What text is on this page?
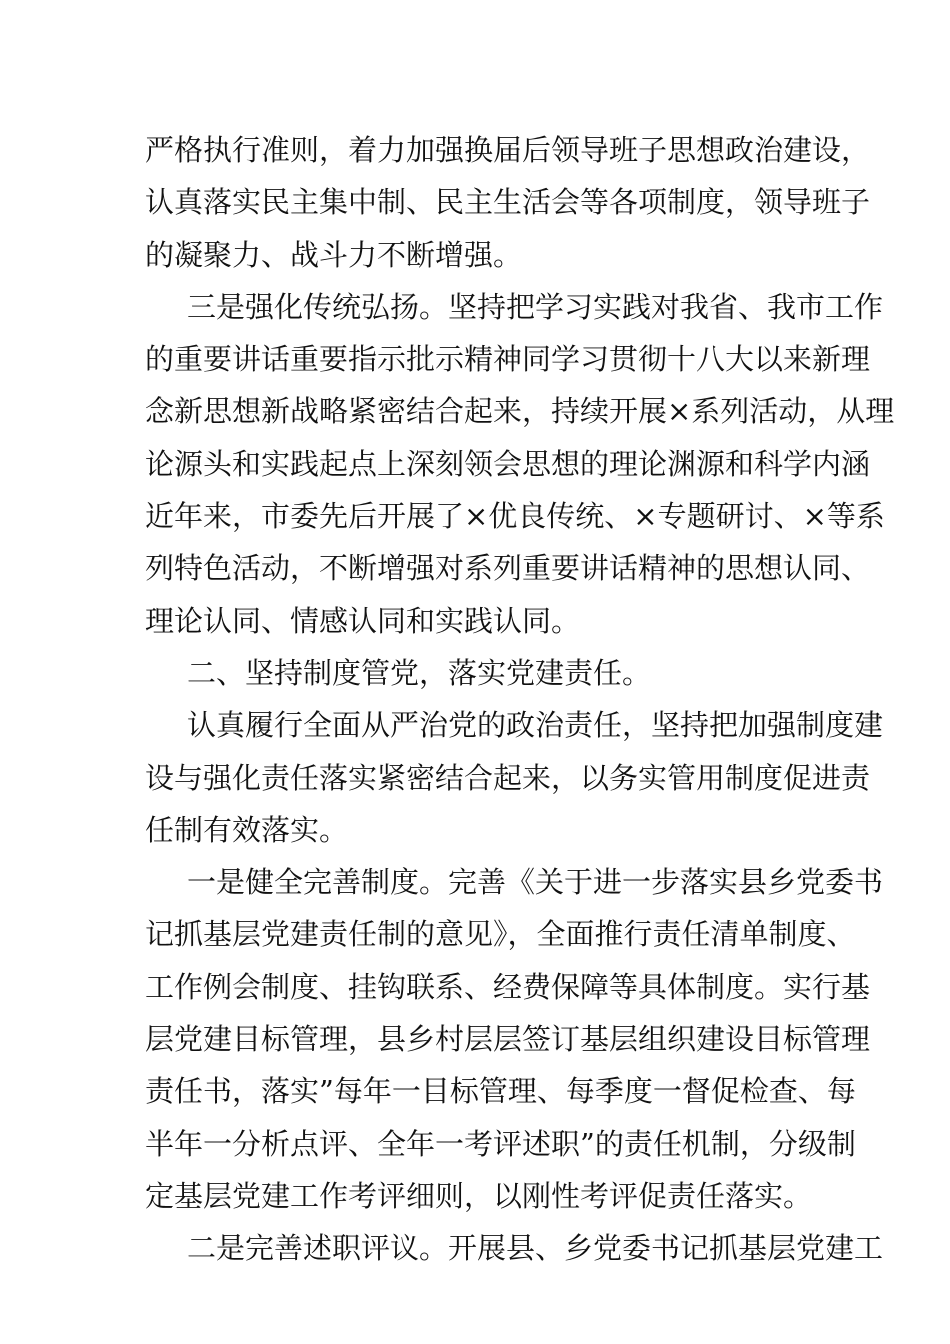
严格执行准则，着力加强换届后领导班子思想政治建设，
认真落实民主集中制、民主生活会等各项制度，领导班子
的凝聚力、战斗力不断增强。
三是强化传统弘扬。坚持把学习实践对我省、我市工作
的重要讲话重要指示批示精神同学习贯彻十八大以来新理
念新思想新战略紧密结合起来，持续开展×系列活动，从理
论源头和实践起点上深刻领会思想的理论渊源和科学内涵
近年来，市委先后开展了×优良传统、×专题研讨、×等系
列特色活动，不断增强对系列重要讲话精神的思想认同、
理论认同、情感认同和实践认同。
二、坚持制度管党，落实党建责任。
认真履行全面从严治党的政治责任，坚持把加强制度建
设与强化责任落实紧密结合起来，以务实管用制度促进责
任制有效落实。
一是健全完善制度。完善《关于进一步落实县乡党委书
记抓基层党建责任制的意见》，全面推行责任清单制度、
工作例会制度、挂钩联系、经费保障等具体制度。实行基
层党建目标管理，县乡村层层签订基层组织建设目标管理
责任书，落实”每年一目标管理、每季度一督促检查、每
半年一分析点评、全年一考评述职”的责任机制，分级制
定基层党建工作考评细则，以刚性考评促责任落实。
二是完善述职评议。开展县、乡党委书记抓基层党建工
